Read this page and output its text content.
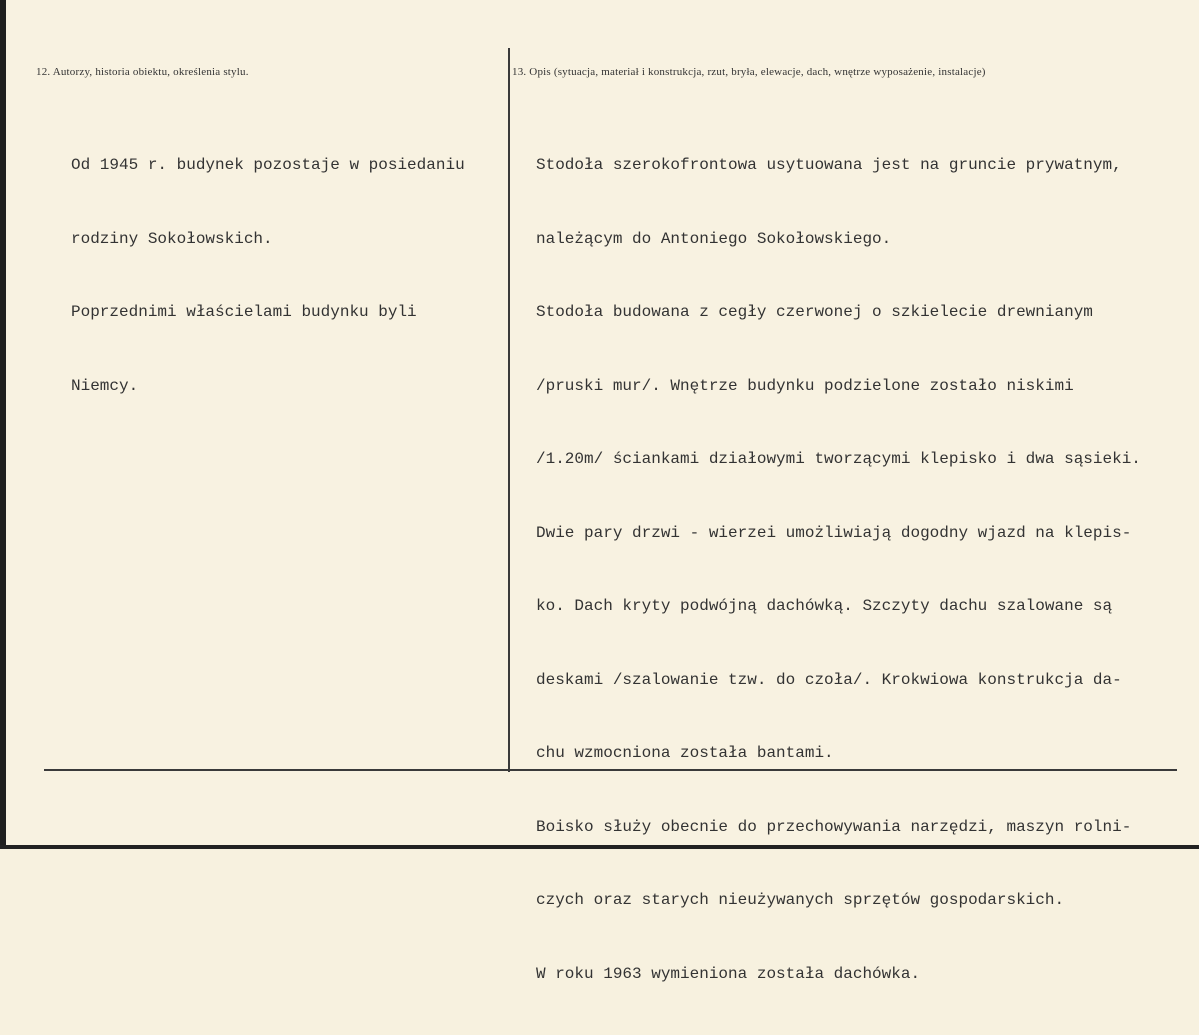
12. Autorzy, historia obiektu, określenia stylu.	13. Opis (sytuacja, materiał i konstrukcja, rzut, bryła, elewacje, dach, wnętrze wyposażenie, instalacje)

Od 1945 r. budynek pozostaje w posiedaniu

rodziny Sokołowskich.

Poprzednimi właścielami budynku byli

Niemcy.

Stodoła szerokofrontowa usytuowana jest na gruncie prywatnym,

należącym do Antoniego Sokołowskiego.

Stodoła budowana z cegły czerwonej o szkielecie drewnianym

/pruski mur/. Wnętrze budynku podzielone zostało niskimi

/1.20m/ ściankami działowymi tworzącymi klepisko i dwa sąsieki.

Dwie pary drzwi - wierzei umożliwiają dogodny wjazd na klepis-

ko. Dach kryty podwójną dachówką. Szczyty dachu szalowane są

deskami /szalowanie tzw. do czoła/. Krokwiowa konstrukcja da-

chu wzmocniona została bantami.

Boisko służy obecnie do przechowywania narzędzi, maszyn rolni-

czych oraz starych nieużywanych sprzętów gospodarskich.

W roku 1963 wymieniona została dachówka.
